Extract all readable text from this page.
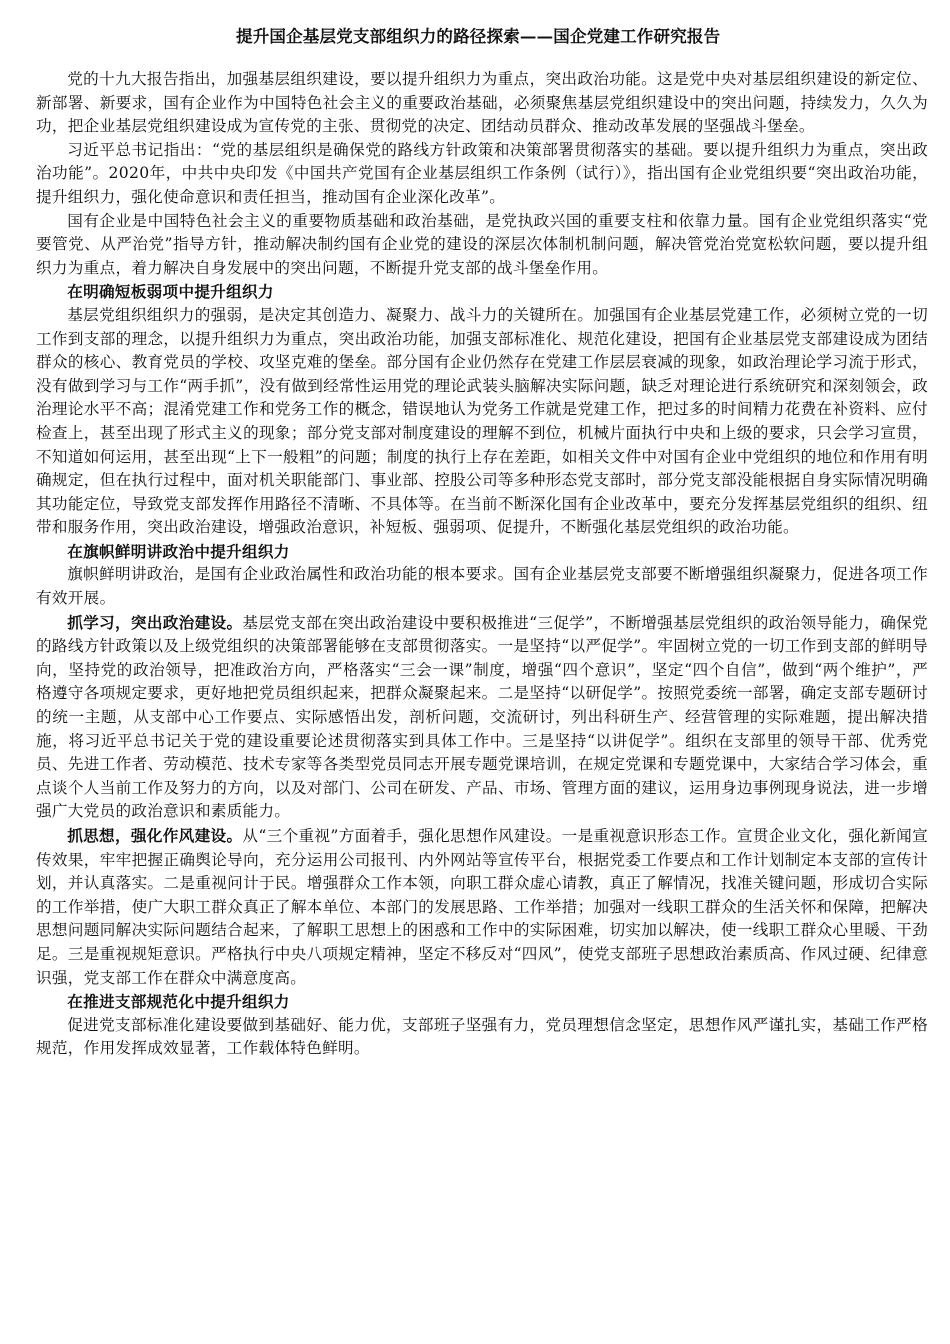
提升国企基层党支部组织力的路径探索——国企党建工作研究报告

党的十九大报告指出，加强基层组织建设，要以提升组织力为重点，突出政治功能。这是党中央对基层组织建设的新定位、新部署、新要求，国有企业作为中国特色社会主义的重要政治基础，必须聚焦基层党组织建设中的突出问题，持续发力，久久为功，把企业基层党组织建设成为宣传党的主张、贯彻党的决定、团结动员群众、推动改革发展的坚强战斗堡垒。

习近平总书记指出：“党的基层组织是确保党的路线方针政策和决策部署贯彻落实的基础。要以提升组织力为重点，突出政治功能”。2020年，中共中央印发《中国共产党国有企业基层组织工作条例（试行）》，指出国有企业党组织要“突出政治功能，提升组织力，强化使命意识和责任担当，推动国有企业深化改革”。

国有企业是中国特色社会主义的重要物质基础和政治基础，是党执政兴国的重要支柱和依靠力量。国有企业党组织落实“党要管党、从严治党”指导方针，推动解决制约国有企业党的建设的深层次体制机制问题，解决管党治党宽松软问题，要以提升组织力为重点，着力解决自身发展中的突出问题，不断提升党支部的战斗堡垒作用。

在明确短板弱项中提升组织力

基层党组织组织力的强弱，是决定其创造力、凝聚力、战斗力的关键所在。加强国有企业基层党建工作，必须树立党的一切工作到支部的理念，以提升组织力为重点，突出政治功能，加强支部标准化、规范化建设，把国有企业基层党支部建设成为团结群众的核心、教育党员的学校、攻坚克难的堡垒。部分国有企业仍然存在党建工作层层衰减的现象，如政治理论学习流于形式，没有做到学习与工作“两手抓”，没有做到经常性运用党的理论武装头脑解决实际问题，缺乏对理论进行系统研究和深刻领会，政治理论水平不高；混淆党建工作和党务工作的概念，错误地认为党务工作就是党建工作，把过多的时间精力花费在补资料、应付检查上，甚至出现了形式主义的现象；部分党支部对制度建设的理解不到位，机械片面执行中央和上级的要求，只会学习宣贯，不知道如何运用，甚至出现“上下一般粗”的问题；制度的执行上存在差距，如相关文件中对国有企业中党组织的地位和作用有明确规定，但在执行过程中，面对机关职能部门、事业部、控股公司等多种形态党支部时，部分党支部没能根据自身实际情况明确其功能定位，导致党支部发挥作用路径不清晰、不具体等。在当前不断深化国有企业改革中，要充分发挥基层党组织的组织、纽带和服务作用，突出政治建设，增强政治意识，补短板、强弱项、促提升，不断强化基层党组织的政治功能。

在旗帜鲜明讲政治中提升组织力

旗帜鲜明讲政治，是国有企业政治属性和政治功能的根本要求。国有企业基层党支部要不断增强组织凝聚力，促进各项工作有效开展。

抓学习，突出政治建设。基层党支部在突出政治建设中要积极推进“三促学”，不断增强基层党组织的政治领导能力，确保党的路线方针政策以及上级党组织的决策部署能够在支部贯彻落实。一是坚持“以严促学”。牢固树立党的一切工作到支部的鲜明导向，坚持党的政治领导，把准政治方向，严格落实“三会一课”制度，增强“四个意识”，坚定“四个自信”，做到“两个维护”，严格遵守各项规定要求，更好地把党员组织起来，把群众凝聚起来。二是坚持“以研促学”。按照党委统一部署，确定支部专题研讨的统一主题，从支部中心工作要点、实际感悟出发，剖析问题，交流研讨，列出科研生产、经营管理的实际难题，提出解决措施，将习近平总书记关于党的建设重要论述贯彻落实到具体工作中。三是坚持“以讲促学”。组织在支部里的领导干部、优秀党员、先进工作者、劳动模范、技术专家等各类型党员同志开展专题党课培训，在规定党课和专题党课中，大家结合学习体会，重点谈个人当前工作及努力的方向，以及对部门、公司在研发、产品、市场、管理方面的建议，运用身边事例现身说法，进一步增强广大党员的政治意识和素质能力。

抓思想，强化作风建设。从“三个重视”方面着手，强化思想作风建设。一是重视意识形态工作。宣贯企业文化，强化新闻宣传效果，牢牢把握正确舆论导向，充分运用公司报刊、内外网站等宣传平台，根据党委工作要点和工作计划制定本支部的宣传计划，并认真落实。二是重视问计于民。增强群众工作本领，向职工群众虚心请教，真正了解情况，找准关键问题，形成切合实际的工作举措，使广大职工群众真正了解本单位、本部门的发展思路、工作举措；加强对一线职工群众的生活关怀和保障，把解决思想问题同解决实际问题结合起来，了解职工思想上的困惑和工作中的实际困难，切实加以解决，使一线职工群众心里暖、干劲足。三是重视规矩意识。严格执行中央八项规定精神，坚定不移反对“四风”，使党支部班子思想政治素质高、作风过硬、纪律意识强，党支部工作在群众中满意度高。

在推进支部规范化中提升组织力

促进党支部标准化建设要做到基础好、能力优，支部班子坚强有力，党员理想信念坚定，思想作风严谨扎实，基础工作严格规范，作用发挥成效显著，工作载体特色鲜明。
